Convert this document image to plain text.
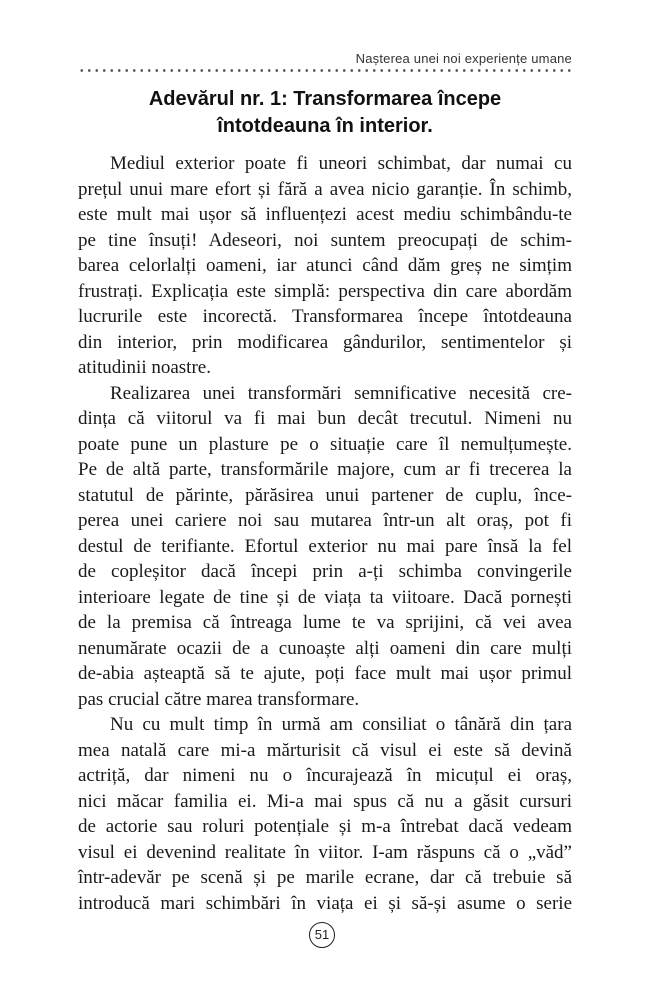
Nașterea unei noi experiențe umane
Adevărul nr. 1: Transformarea începe
întotdeauna în interior.

Mediul exterior poate fi uneori schimbat, dar numai cu
prețul unui mare efort și fără a avea nicio garanție. În schimb,
este mult mai ușor să influențezi acest mediu schimbându-te
pe tine însuți! Adeseori, noi suntem preocupați de schim-
barea celorlalți oameni, iar atunci când dăm greș ne simțim
frustrați. Explicația este simplă: perspectiva din care abordăm
lucrurile este incorectă. Transformarea începe întotdeauna
din interior, prin modificarea gândurilor, sentimentelor și
atitudinii noastre.

Realizarea unei transformări semnificative necesită cre-
dința că viitorul va fi mai bun decât trecutul. Nimeni nu
poate pune un plasture pe o situație care îl nemulțumește.
Pe de altă parte, transformările majore, cum ar fi trecerea la
statutul de părinte, părăsirea unui partener de cuplu, înce-
perea unei cariere noi sau mutarea într-un alt oraș, pot fi
destul de terifiante. Efortul exterior nu mai pare însă la fel
de copleșitor dacă începi prin a-ți schimba convingerile
interioare legate de tine și de viața ta viitoare. Dacă pornești
de la premisa că întreaga lume te va sprijini, că vei avea
nenumărate ocazii de a cunoaște alți oameni din care mulți
de-abia așteaptă să te ajute, poți face mult mai ușor primul
pas crucial către marea transformare.

Nu cu mult timp în urmă am consiliat o tânără din țara
mea natală care mi-a mărturisit că visul ei este să devină
actriță, dar nimeni nu o încurajează în micuțul ei oraș,
nici măcar familia ei. Mi-a mai spus că nu a găsit cursuri
de actorie sau roluri potențiale și m-a întrebat dacă vedeam
visul ei devenind realitate în viitor. I-am răspuns că o „văd”
într-adevăr pe scenă și pe marile ecrane, dar că trebuie să
introducă mari schimbări în viața ei și să-și asume o serie

51
